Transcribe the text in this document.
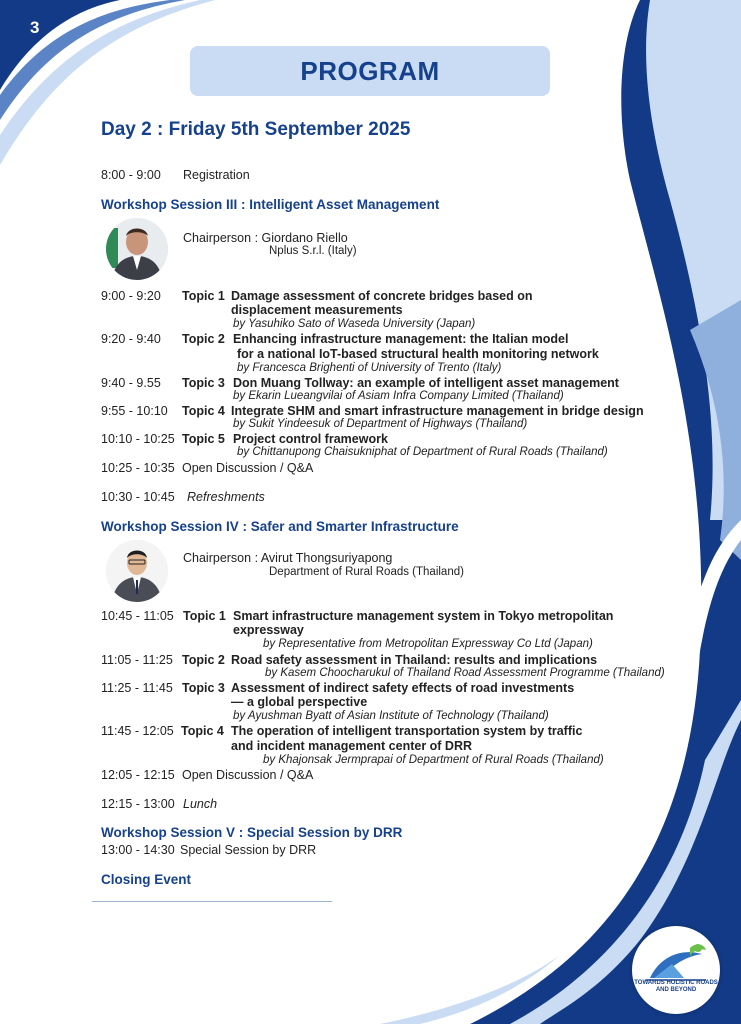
3
PROGRAM
Day 2 : Friday 5th September 2025
8:00 - 9:00 Registration
Workshop Session III : Intelligent Asset Management
Chairperson : Giordano Riello
Nplus S.r.l. (Italy)
9:00 - 9:20 Topic 1 Damage assessment of concrete bridges based on
displacement measurements
by Yasuhiko Sato of Waseda University (Japan)
9:20 - 9:40 Topic 2 Enhancing infrastructure management: the Italian model
for a national IoT-based structural health monitoring network
by Francesca Brighenti of University of Trento (Italy)
9:40 - 9.55 Topic 3 Don Muang Tollway: an example of intelligent asset management
by Ekarin Lueangvilai of Asiam Infra Company Limited (Thailand)
9:55 - 10:10 Topic 4 Integrate SHM and smart infrastructure management in bridge design
by Sukit Yindeesuk of Department of Highways (Thailand)
10:10 - 10:25 Topic 5 Project control framework
by Chittanupong Chaisukniphat of Department of Rural Roads (Thailand)
10:25 - 10:35 Open Discussion / Q&A
10:30 - 10:45 Refreshments
Workshop Session IV : Safer and Smarter Infrastructure
Chairperson : Avirut Thongsuriyapong
Department of Rural Roads (Thailand)
10:45 - 11:05 Topic 1 Smart infrastructure management system in Tokyo metropolitan
expressway
by Representative from Metropolitan Expressway Co Ltd (Japan)
11:05 - 11:25 Topic 2 Road safety assessment in Thailand: results and implications
by Kasem Choocharukul of Thailand Road Assessment Programme (Thailand)
11:25 - 11:45 Topic 3 Assessment of indirect safety effects of road investments
— a global perspective
by Ayushman Byatt of Asian Institute of Technology (Thailand)
11:45 - 12:05 Topic 4 The operation of intelligent transportation system by traffic
and incident management center of DRR
by Khajonsak Jermprapai of Department of Rural Roads (Thailand)
12:05 - 12:15 Open Discussion / Q&A
12:15 - 13:00 Lunch
Workshop Session V : Special Session by DRR
13:00 - 14:30 Special Session by DRR
Closing Event
TOWARDS HOLISTIC ROADS AND BEYOND
